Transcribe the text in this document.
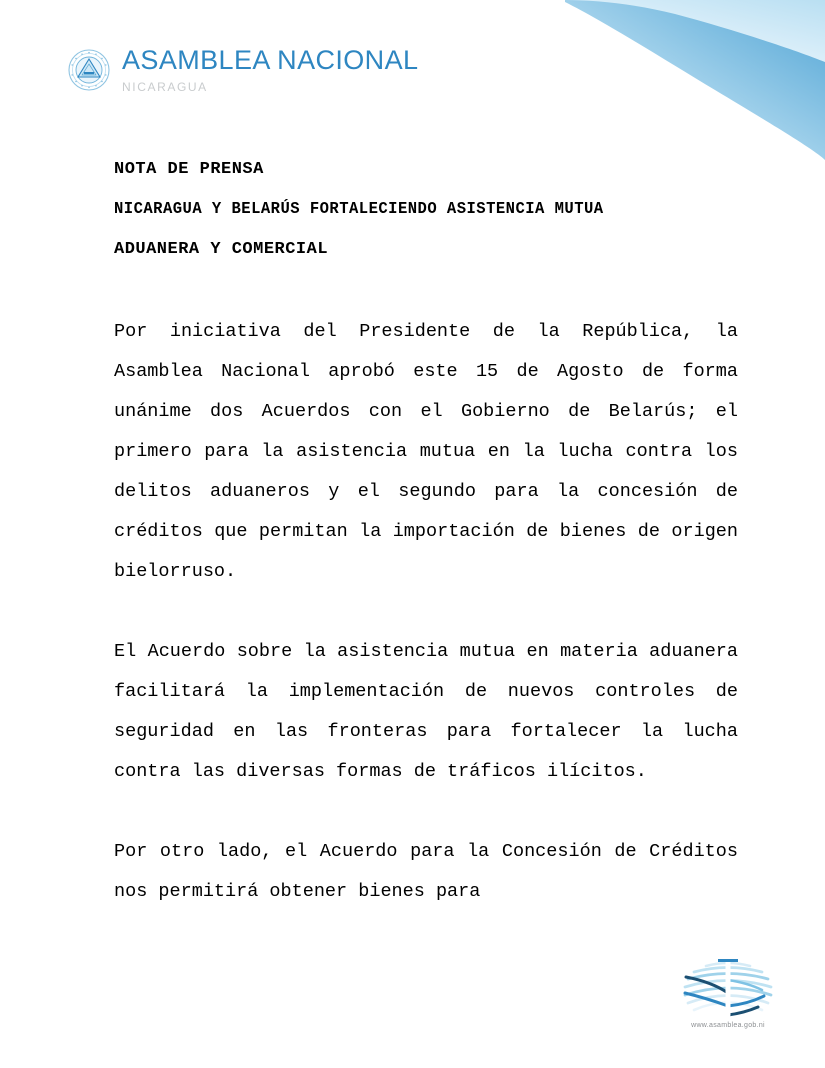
ASAMBLEA NACIONAL
NICARAGUA
NOTA DE PRENSA
NICARAGUA Y BELARÚS FORTALECIENDO ASISTENCIA MUTUA
ADUANERA Y COMERCIAL

Por iniciativa del Presidente de la República, la Asamblea Nacional aprobó este 15 de Agosto de forma unánime dos Acuerdos con el Gobierno de Belarús; el primero para la asistencia mutua en la lucha contra los delitos aduaneros y el segundo para la concesión de créditos que permitan la importación de bienes de origen bielorruso.

El Acuerdo sobre la asistencia mutua en materia aduanera facilitará la implementación de nuevos controles de seguridad en las fronteras para fortalecer la lucha contra las diversas formas de tráficos ilícitos.

Por otro lado, el Acuerdo para la Concesión de Créditos nos permitirá obtener bienes para

www.asamblea.gob.ni
